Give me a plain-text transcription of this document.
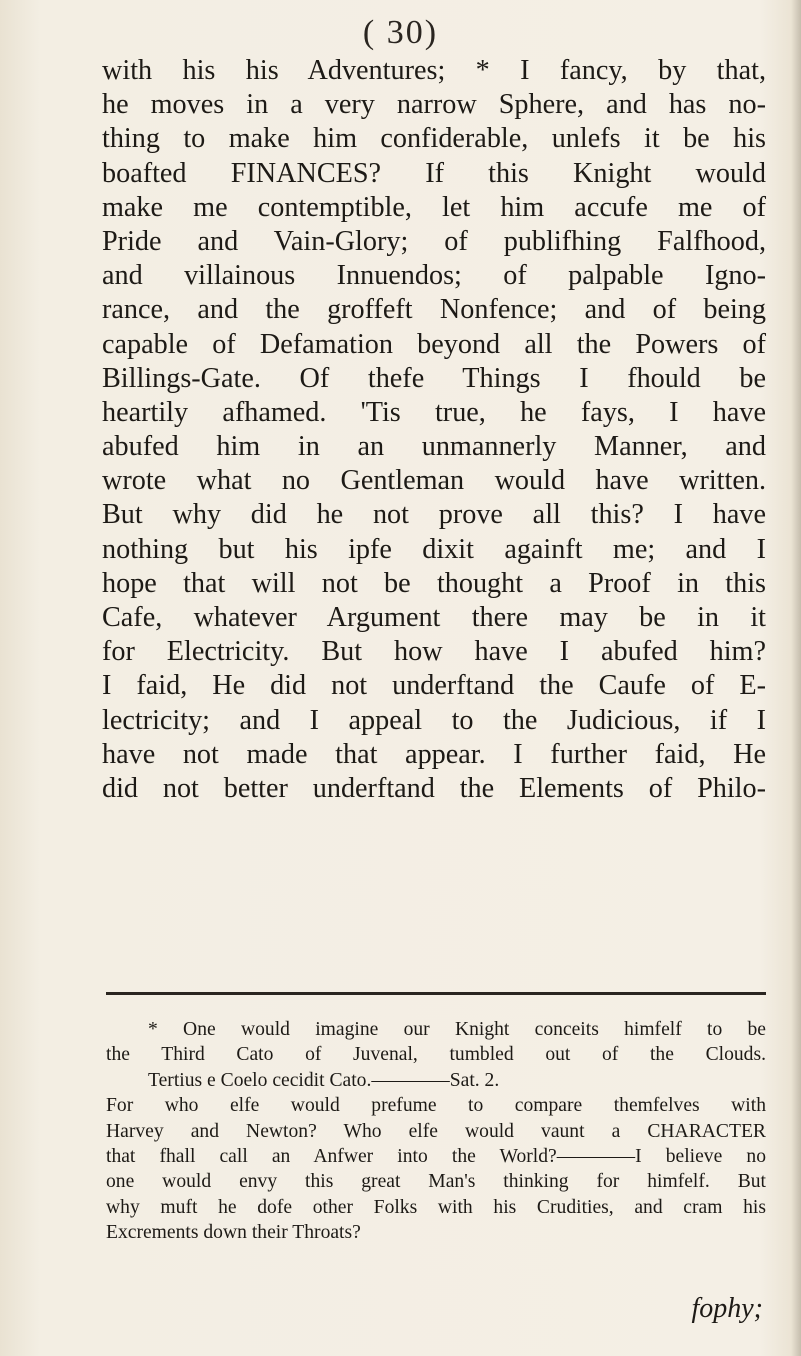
( 30)
with his his Adventures; * I fancy, by that,
he moves in a very narrow Sphere, and has no-
thing to make him confiderable, unlefs it be his
boafted FINANCES? If this Knight would
make me contemptible, let him accufe me of
Pride and Vain-Glory; of publifhing Falfhood,
and villainous Innuendos; of palpable Igno-
rance, and the groffeft Nonfence; and of being
capable of Defamation beyond all the Powers of
Billings-Gate. Of thefe Things I fhould be
heartily afhamed. 'Tis true, he fays, I have
abufed him in an unmannerly Manner, and
wrote what no Gentleman would have written.
But why did he not prove all this? I have
nothing but his ipfe dixit againft me; and I
hope that will not be thought a Proof in this
Cafe, whatever Argument there may be in it
for Electricity. But how have I abufed him?
I faid, He did not underftand the Caufe of E-
lectricity; and I appeal to the Judicious, if I
have not made that appear. I further faid, He
did not better underftand the Elements of Philo-
* One would imagine our Knight conceits himfelf to be
the Third Cato of Juvenal, tumbled out of the Clouds.
Tertius e Coelo cecidit Cato.————Sat. 2.
For who elfe would prefume to compare themfelves with
Harvey and Newton? Who elfe would vaunt a CHARACTER
that fhall call an Anfwer into the World?————I believe no
one would envy this great Man's thinking for himfelf. But
why muft he dofe other Folks with his Crudities, and cram his
Excrements down their Throats?
fophy;
